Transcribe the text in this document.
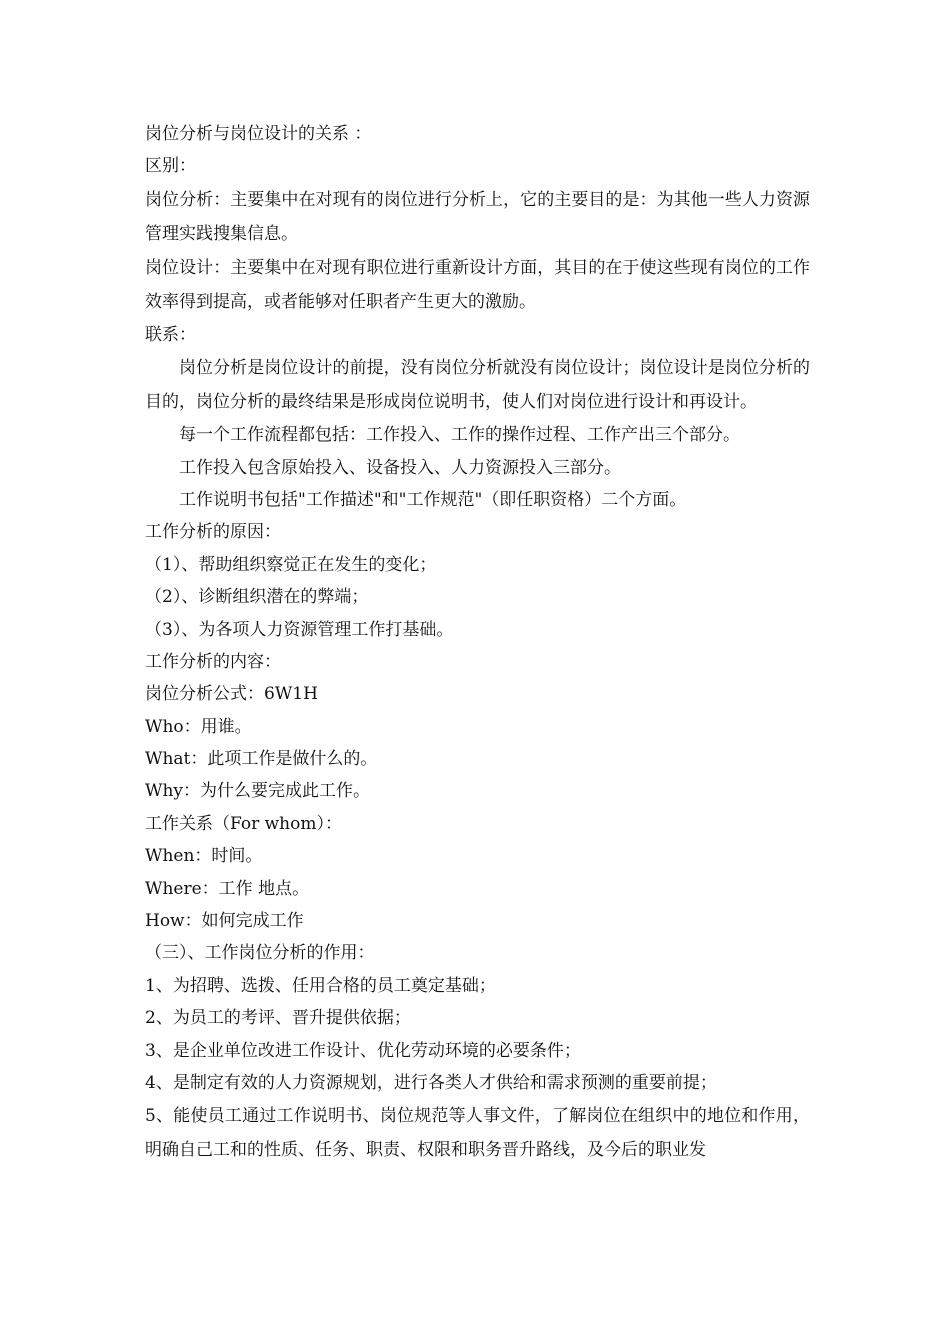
岗位分析与岗位设计的关系 ：
区别：
岗位分析：主要集中在对现有的岗位进行分析上，它的主要目的是：为其他一些人力资源管理实践搜集信息。
岗位设计：主要集中在对现有职位进行重新设计方面，其目的在于使这些现有岗位的工作效率得到提高，或者能够对任职者产生更大的激励。
联系：
岗位分析是岗位设计的前提，没有岗位分析就没有岗位设计；岗位设计是岗位分析的目的，岗位分析的最终结果是形成岗位说明书，使人们对岗位进行设计和再设计。
每一个工作流程都包括：工作投入、工作的操作过程、工作产出三个部分。
工作投入包含原始投入、设备投入、人力资源投入三部分。
工作说明书包括"工作描述"和"工作规范"（即任职资格）二个方面。
工作分析的原因：
（1）、帮助组织察觉正在发生的变化；
（2）、诊断组织潜在的弊端；
（3）、为各项人力资源管理工作打基础。
工作分析的内容：
岗位分析公式：6W1H
Who：用谁。
What：此项工作是做什么的。
Why：为什么要完成此工作。
工作关系（For whom）：
When：时间。
Where：工作 地点。
How：如何完成工作
（三）、工作岗位分析的作用：
1、为招聘、选拨、任用合格的员工奠定基础；
2、为员工的考评、晋升提供依据；
3、是企业单位改进工作设计、优化劳动环境的必要条件；
4、是制定有效的人力资源规划，进行各类人才供给和需求预测的重要前提；
5、能使员工通过工作说明书、岗位规范等人事文件，了解岗位在组织中的地位和作用，明确自己工和的性质、任务、职责、权限和职务晋升路线，及今后的职业发
